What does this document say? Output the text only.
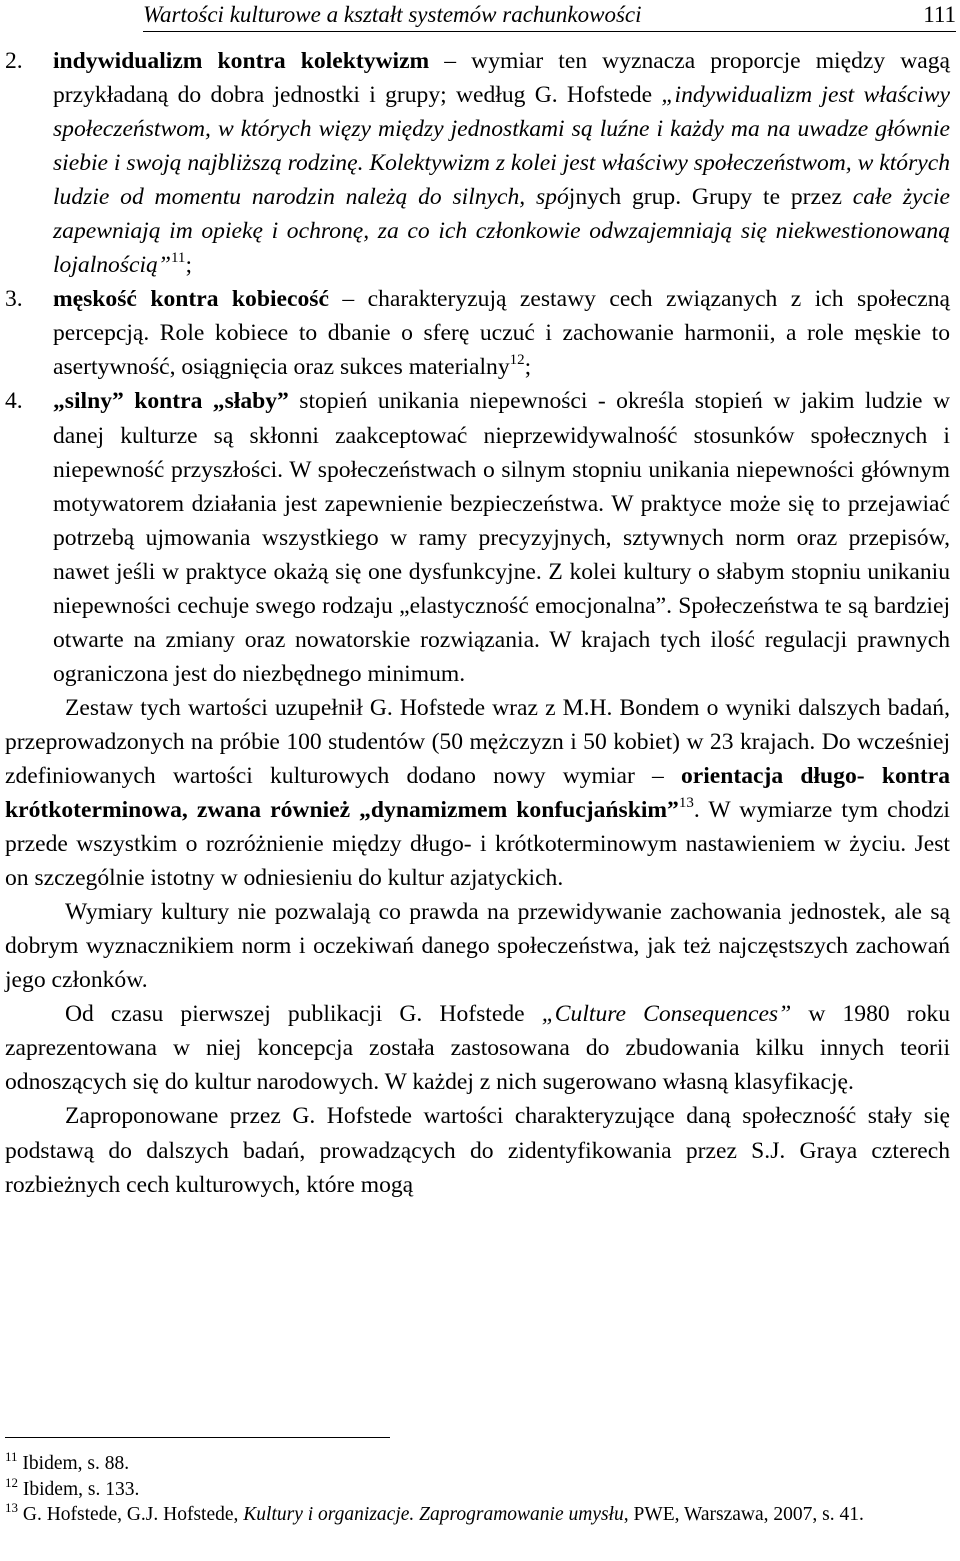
Wartości kulturowe a kształt systemów rachunkowości	111
2. indywidualizm kontra kolektywizm – wymiar ten wyznacza proporcje między wagą przykładaną do dobra jednostki i grupy; według G. Hofstede „indywidualizm jest właściwy społeczeństwom, w których więzy między jednostkami są luźne i każdy ma na uwadze głównie siebie i swoją najbliższą rodzinę. Kolektywizm z kolei jest właściwy społeczeństwom, w których ludzie od momentu narodzin należą do silnych, spójnych grup. Grupy te przez całe życie zapewniają im opiekę i ochronę, za co ich członkowie odwzajemniają się niekwestionowaną lojalnością”$^{11}$;

3. męskość kontra kobiecość – charakteryzują zestawy cech związanych z ich społeczną percepcją. Role kobiece to dbanie o sferę uczuć i zachowanie harmonii, a role męskie to asertywność, osiągnięcia oraz sukces materialny$^{12}$;

4. „silny” kontra „słaby” stopień unikania niepewności - określa stopień w jakim ludzie w danej kulturze są skłonni zaakceptować nieprzewidywalność stosunków społecznych i niepewność przyszłości. W społeczeństwach o silnym stopniu unikania niepewności głównym motywatorem działania jest zapewnienie bezpieczeństwa. W praktyce może się to przejawiać potrzebą ujmowania wszystkiego w ramy precyzyjnych, sztywnych norm oraz przepisów, nawet jeśli w praktyce okażą się one dysfunkcyjne. Z kolei kultury o słabym stopniu unikaniu niepewności cechuje swego rodzaju „elastyczność emocjonalna”. Społeczeństwa te są bardziej otwarte na zmiany oraz nowatorskie rozwiązania. W krajach tych ilość regulacji prawnych ograniczona jest do niezbędnego minimum.

Zestaw tych wartości uzupełnił G. Hofstede wraz z M.H. Bondem o wyniki dalszych badań, przeprowadzonych na próbie 100 studentów (50 mężczyzn i 50 kobiet) w 23 krajach. Do wcześniej zdefiniowanych wartości kulturowych dodano nowy wymiar – orientacja długo- kontra krótkoterminowa, zwana również „dynamizmem konfucjańskim”$^{13}$. W wymiarze tym chodzi przede wszystkim o rozróżnienie między długo- i krótkoterminowym nastawieniem w życiu. Jest on szczególnie istotny w odniesieniu do kultur azjatyckich.

Wymiary kultury nie pozwalają co prawda na przewidywanie zachowania jednostek, ale są dobrym wyznacznikiem norm i oczekiwań danego społeczeństwa, jak też najczęstszych zachowań jego członków.

Od czasu pierwszej publikacji G. Hofstede „Culture Consequences” w 1980 roku zaprezentowana w niej koncepcja została zastosowana do zbudowania kilku innych teorii odnoszących się do kultur narodowych. W każdej z nich sugerowano własną klasyfikację.

Zaproponowane przez G. Hofstede wartości charakteryzujące daną społeczność stały się podstawą do dalszych badań, prowadzących do zidentyfikowania przez S.J. Graya czterech rozbieżnych cech kulturowych, które mogą

$^{11}$ Ibidem, s. 88.

$^{12}$ Ibidem, s. 133.

$^{13}$ G. Hofstede, G.J. Hofstede, Kultury i organizacje. Zaprogramowanie umysłu, PWE, Warszawa, 2007, s. 41.
